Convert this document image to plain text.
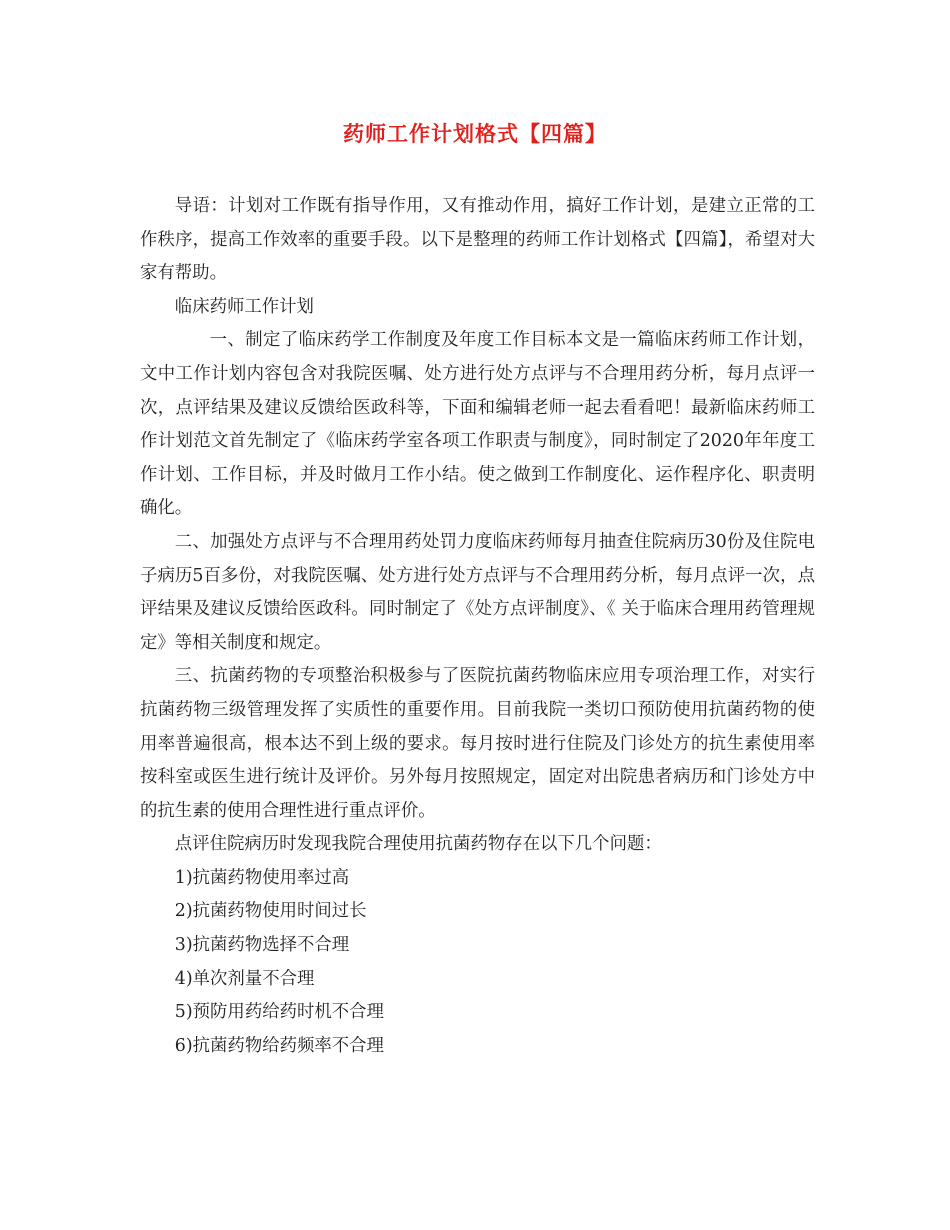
药师工作计划格式【四篇】

导语：计划对工作既有指导作用，又有推动作用，搞好工作计划，是建立正常的工作秩序，提高工作效率的重要手段。以下是整理的药师工作计划格式【四篇】，希望对大家有帮助。

临床药师工作计划

一、制定了临床药学工作制度及年度工作目标本文是一篇临床药师工作计划，文中工作计划内容包含对我院医嘱、处方进行处方点评与不合理用药分析，每月点评一次，点评结果及建议反馈给医政科等，下面和编辑老师一起去看看吧！最新临床药师工作计划范文首先制定了《临床药学室各项工作职责与制度》，同时制定了2020年年度工作计划、工作目标，并及时做月工作小结。使之做到工作制度化、运作程序化、职责明确化。

二、加强处方点评与不合理用药处罚力度临床药师每月抽查住院病历30份及住院电子病历5百多份，对我院医嘱、处方进行处方点评与不合理用药分析，每月点评一次，点评结果及建议反馈给医政科。同时制定了《处方点评制度》、《 关于临床合理用药管理规定》等相关制度和规定。

三、抗菌药物的专项整治积极参与了医院抗菌药物临床应用专项治理工作，对实行抗菌药物三级管理发挥了实质性的重要作用。目前我院一类切口预防使用抗菌药物的使用率普遍很高，根本达不到上级的要求。每月按时进行住院及门诊处方的抗生素使用率按科室或医生进行统计及评价。另外每月按照规定，固定对出院患者病历和门诊处方中的抗生素的使用合理性进行重点评价。

点评住院病历时发现我院合理使用抗菌药物存在以下几个问题：

1)抗菌药物使用率过高

2)抗菌药物使用时间过长

3)抗菌药物选择不合理

4)单次剂量不合理

5)预防用药给药时机不合理

6)抗菌药物给药频率不合理
